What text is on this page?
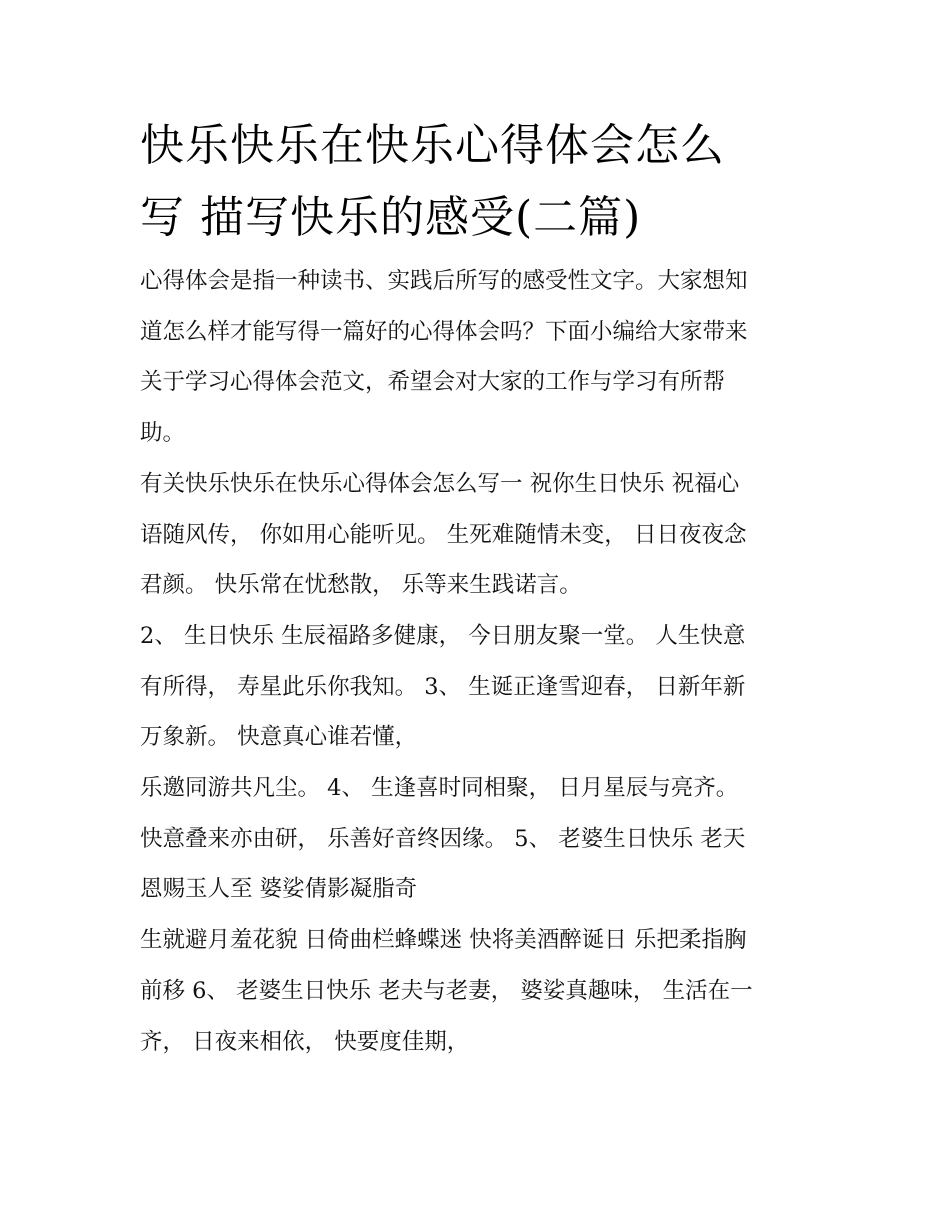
快乐快乐在快乐心得体会怎么
写 描写快乐的感受(二篇)
心得体会是指一种读书、实践后所写的感受性文字。大家想知
道怎么样才能写得一篇好的心得体会吗？下面小编给大家带来
关于学习心得体会范文，希望会对大家的工作与学习有所帮
助。
有关快乐快乐在快乐心得体会怎么写一 祝你生日快乐 祝福心
语随风传， 你如用心能听见。 生死难随情未变， 日日夜夜念
君颜。 快乐常在忧愁散， 乐等来生践诺言。
2、 生日快乐 生辰福路多健康， 今日朋友聚一堂。 人生快意
有所得， 寿星此乐你我知。 3、 生诞正逢雪迎春， 日新年新
万象新。 快意真心谁若懂，
乐邀同游共凡尘。 4、 生逢喜时同相聚， 日月星辰与亮齐。
快意叠来亦由研， 乐善好音终因缘。 5、 老婆生日快乐 老天
恩赐玉人至 婆娑倩影凝脂奇
生就避月羞花貌 日倚曲栏蜂蝶迷 快将美酒醉诞日 乐把柔指胸
前移 6、 老婆生日快乐 老夫与老妻， 婆娑真趣味， 生活在一
齐， 日夜来相依， 快要度佳期，
